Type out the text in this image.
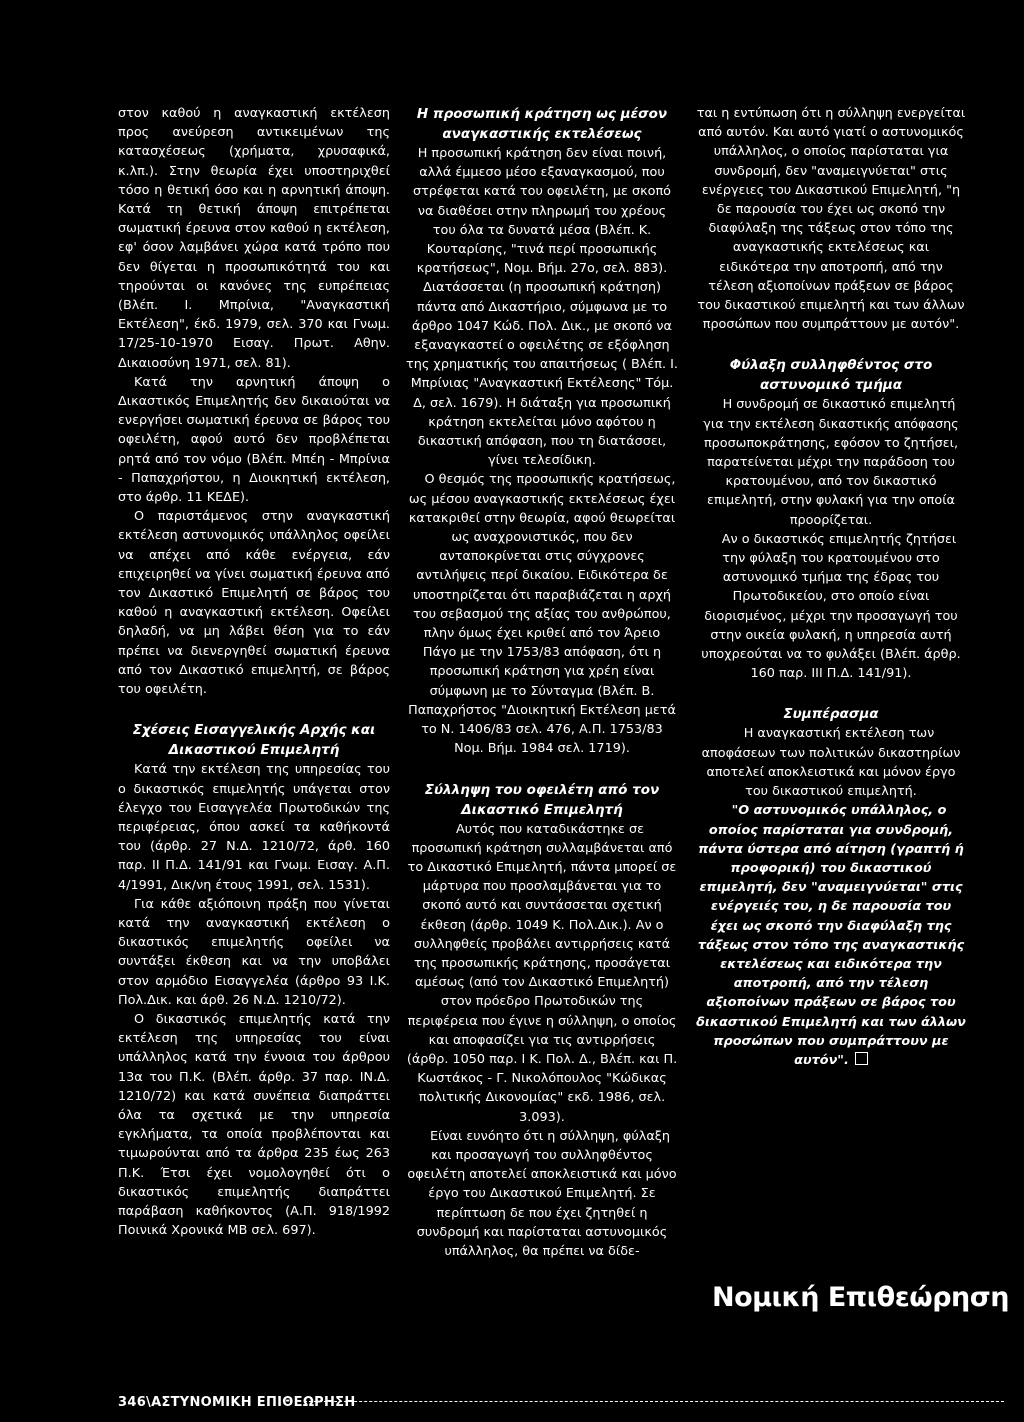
στον καθού η αναγκαστική εκτέλεση προς ανεύρεση αντικειμένων της κατασχέσεως (χρήματα, χρυσαφικά, κ.λπ.). Στην θεωρία έχει υποστηριχθεί τόσο η θετική όσο και η αρνητική άποψη. Κατά τη θετική άποψη επιτρέπεται σωματική έρευνα στον καθού η εκτέλεση, εφ' όσον λαμβάνει χώρα κατά τρόπο που δεν θίγεται η προσωπικότητά του και τηρούνται οι κανόνες της ευπρέπειας (Βλέπ. Ι. Μπρίνια, "Αναγκαστική Εκτέλεση", έκδ. 1979, σελ. 370 και Γνωμ. 17/25-10-1970 Εισαγ. Πρωτ. Αθην. Δικαιοσύνη 1971, σελ. 81).

Κατά την αρνητική άποψη ο Δικαστικός Επιμελητής δεν δικαιούται να ενεργήσει σωματική έρευνα σε βάρος του οφειλέτη, αφού αυτό δεν προβλέπεται ρητά από τον νόμο (Βλέπ. Μπέη - Μπρίνια - Παπαχρήστου, η Διοικητική εκτέλεση, στο άρθρ. 11 ΚΕΔΕ).

Ο παριστάμενος στην αναγκαστική εκτέλεση αστυνομικός υπάλληλος οφείλει να απέχει από κάθε ενέργεια, εάν επιχειρηθεί να γίνει σωματική έρευνα από τον Δικαστικό Επιμελητή σε βάρος του καθού η αναγκαστική εκτέλεση. Οφείλει δηλαδή, να μη λάβει θέση για το εάν πρέπει να διενεργηθεί σωματική έρευνα από τον Δικαστικό επιμελητή, σε βάρος του οφειλέτη.

Σχέσεις Εισαγγελικής Αρχής και Δικαστικού Επιμελητή

Κατά την εκτέλεση της υπηρεσίας του ο δικαστικός επιμελητής υπάγεται στον έλεγχο του Εισαγγελέα Πρωτοδικών της περιφέρειας, όπου ασκεί τα καθήκοντά του (άρθρ. 27 Ν.Δ. 1210/72, άρθ. 160 παρ. ΙΙ Π.Δ. 141/91 και Γνωμ. Εισαγ. Α.Π. 4/1991, Δικ/νη έτους 1991, σελ. 1531).

Για κάθε αξιόποινη πράξη που γίνεται κατά την αναγκαστική εκτέλεση ο δικαστικός επιμελητής οφείλει να συντάξει έκθεση και να την υποβάλει στον αρμόδιο Εισαγγελέα (άρθρο 93 Ι.Κ. Πολ.Δικ. και άρθ. 26 Ν.Δ. 1210/72).

Ο δικαστικός επιμελητής κατά την εκτέλεση της υπηρεσίας του είναι υπάλληλος κατά την έννοια του άρθρου 13α του Π.Κ. (Βλέπ. άρθρ. 37 παρ. ΙΝ.Δ. 1210/72) και κατά συνέπεια διαπράττει όλα τα σχετικά με την υπηρεσία εγκλήματα, τα οποία προβλέπονται και τιμωρούνται από τα άρθρα 235 έως 263 Π.Κ. Έτσι έχει νομολογηθεί ότι ο δικαστικός επιμελητής διαπράττει παράβαση καθήκοντος (Α.Π. 918/1992 Ποινικά Χρονικά ΜΒ σελ. 697).

Η προσωπική κράτηση ως μέσον αναγκαστικής εκτελέσεως

Η προσωπική κράτηση δεν είναι ποινή, αλλά έμμεσο μέσο εξαναγκασμού, που στρέφεται κατά του οφειλέτη, με σκοπό να διαθέσει στην πληρωμή του χρέους του όλα τα δυνατά μέσα (Βλέπ. Κ. Κουταρίσης, "τινά περί προσωπικής κρατήσεως", Νομ. Βήμ. 27ο, σελ. 883). Διατάσσεται (η προσωπική κράτηση) πάντα από Δικαστήριο, σύμφωνα με το άρθρο 1047 Κώδ. Πολ. Δικ., με σκοπό να εξαναγκαστεί ο οφειλέτης σε εξόφληση της χρηματικής του απαιτήσεως ( Βλέπ. Ι. Μπρίνιας "Αναγκαστική Εκτέλεσης" Τόμ. Δ, σελ. 1679). Η διάταξη για προσωπική κράτηση εκτελείται μόνο αφότου η δικαστική απόφαση, που τη διατάσσει, γίνει τελεσίδικη.

Ο θεσμός της προσωπικής κρατήσεως, ως μέσου αναγκαστικής εκτελέσεως έχει κατακριθεί στην θεωρία, αφού θεωρείται ως αναχρονιστικός, που δεν ανταποκρίνεται στις σύγχρονες αντιλήψεις περί δικαίου. Ειδικότερα δε υποστηρίζεται ότι παραβιάζεται η αρχή του σεβασμού της αξίας του ανθρώπου, πλην όμως έχει κριθεί από τον Άρειο Πάγο με την 1753/83 απόφαση, ότι η προσωπική κράτηση για χρέη είναι σύμφωνη με το Σύνταγμα (Βλέπ. Β. Παπαχρήστος "Διοικητική Εκτέλεση μετά το Ν. 1406/83 σελ. 476, Α.Π. 1753/83 Νομ. Βήμ. 1984 σελ. 1719).

Σύλληψη του οφειλέτη από τον Δικαστικό Επιμελητή

Αυτός που καταδικάστηκε σε προσωπική κράτηση συλλαμβάνεται από το Δικαστικό Επιμελητή, πάντα μπορεί σε μάρτυρα που προσλαμβάνεται για το σκοπό αυτό και συντάσσεται σχετική έκθεση (άρθρ. 1049 Κ. Πολ.Δικ.). Αν ο συλληφθείς προβάλει αντιρρήσεις κατά της προσωπικής κράτησης, προσάγεται αμέσως (από τον Δικαστικό Επιμελητή) στον πρόεδρο Πρωτοδικών της περιφέρεια που έγινε η σύλληψη, ο οποίος και αποφασίζει για τις αντιρρήσεις (άρθρ. 1050 παρ. Ι Κ. Πολ. Δ., Βλέπ. και Π. Κωστάκος - Γ. Νικολόπουλος "Κώδικας πολιτικής Δικονομίας" εκδ. 1986, σελ. 3.093).

Είναι ευνόητο ότι η σύλληψη, φύλαξη και προσαγωγή του συλληφθέντος οφειλέτη αποτελεί αποκλειστικά και μόνο έργο του Δικαστικού Επιμελητή. Σε περίπτωση δε που έχει ζητηθεί η συνδρομή και παρίσταται αστυνομικός υπάλληλος, θα πρέπει να δίδε-

ται η εντύπωση ότι η σύλληψη ενεργείται από αυτόν. Και αυτό γιατί ο αστυνομικός υπάλληλος, ο οποίος παρίσταται για συνδρομή, δεν "αναμειγνύεται" στις ενέργειες του Δικαστικού Επιμελητή, "η δε παρουσία του έχει ως σκοπό την διαφύλαξη της τάξεως στον τόπο της αναγκαστικής εκτελέσεως και ειδικότερα την αποτροπή, από την τέλεση αξιοποίνων πράξεων σε βάρος του δικαστικού επιμελητή και των άλλων προσώπων που συμπράττουν με αυτόν".

Φύλαξη συλληφθέντος στο αστυνομικό τμήμα

Η συνδρομή σε δικαστικό επιμελητή για την εκτέλεση δικαστικής απόφασης προσωποκράτησης, εφόσον το ζητήσει, παρατείνεται μέχρι την παράδοση του κρατουμένου, από τον δικαστικό επιμελητή, στην φυλακή για την οποία προορίζεται.

Αν ο δικαστικός επιμελητής ζητήσει την φύλαξη του κρατουμένου στο αστυνομικό τμήμα της έδρας του Πρωτοδικείου, στο οποίο είναι διορισμένος, μέχρι την προσαγωγή του στην οικεία φυλακή, η υπηρεσία αυτή υποχρεούται να το φυλάξει (Βλέπ. άρθρ. 160 παρ. ΙΙΙ Π.Δ. 141/91).

Συμπέρασμα

Η αναγκαστική εκτέλεση των αποφάσεων των πολιτικών δικαστηρίων αποτελεί αποκλειστικά και μόνον έργο του δικαστικού επιμελητή.

"Ο αστυνομικός υπάλληλος, ο οποίος παρίσταται για συνδρομή, πάντα ύστερα από αίτηση (γραπτή ή προφορική) του δικαστικού επιμελητή, δεν "αναμειγνύεται" στις ενέργειές του, η δε παρουσία του έχει ως σκοπό την διαφύλαξη της τάξεως στον τόπο της αναγκαστικής εκτελέσεως και ειδικότερα την αποτροπή, από την τέλεση αξιοποίνων πράξεων σε βάρος του δικαστικού Επιμελητή και των άλλων προσώπων που συμπράττουν με αυτόν".

Νομική Επιθεώρηση
346\ΑΣΤΥΝΟΜΙΚΗ ΕΠΙΘΕΩΡΗΣΗ
